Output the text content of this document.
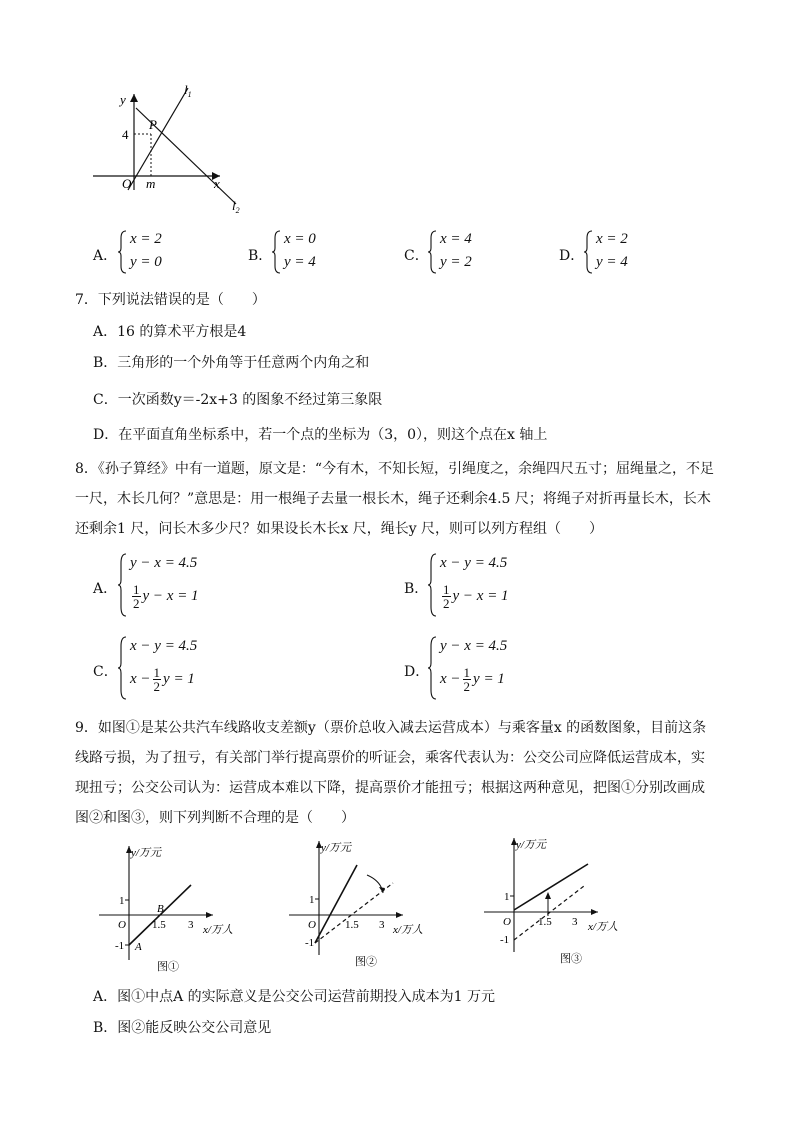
y
x
$l_1$
$l_2$
P
O m
4
A．
x = 2
y = 0	B．
x = 0
y = 4	C．
x = 4
y = 2	D．
x = 2
y = 4
7．下列说法错误的是（　　）
A．16 的算术平方根是4
B．三角形的一个外角等于任意两个内角之和
C．一次函数y＝-2x+3 的图象不经过第三象限
D．在平面直角坐标系中，若一个点的坐标为（3，0），则这个点在x 轴上
8．《孙子算经》中有一道题，原文是：“今有木，不知长短，引绳度之，余绳四尺五寸；屈绳量之，不足一尺，木长几何？”意思是：用一根绳子去量一根长木，绳子还剩余4.5 尺；将绳子对折再量长木，长木还剩余1 尺，问长木多少尺？如果设长木长x 尺，绳长y 尺，则可以列方程组（　　）
A．
y − x = 4.5
$\frac{1}{2}$ y − x = 1	B．
x − y = 4.5
$\frac{1}{2}$ y − x = 1
C．
x − y = 4.5
$x - \frac{1}{2}$ y = 1	D．
y − x = 4.5
$x - \frac{1}{2}$ y = 1
9．如图①是某公共汽车线路收支差额y（票价总收入减去运营成本）与乘客量x 的函数图象，目前这条线路亏损，为了扭亏，有关部门举行提高票价的听证会，乘客代表认为：公交公司应降低运营成本，实现扭亏；公交公司认为：运营成本难以下降，提高票价才能扭亏；根据这两种意见，把图①分别改画成图②和图③，则下列判断不合理的是（　　）
y/万元
x/万人
1
-1
O 1.5 3
A
B
图①
y/万元
x/万人
1
-1
O	1.5 3
图②
y/万元
x/万人
1
-1
O 1.5 3
图③
A．图①中点A 的实际意义是公交公司运营前期投入成本为1 万元
B．图②能反映公交公司意见
